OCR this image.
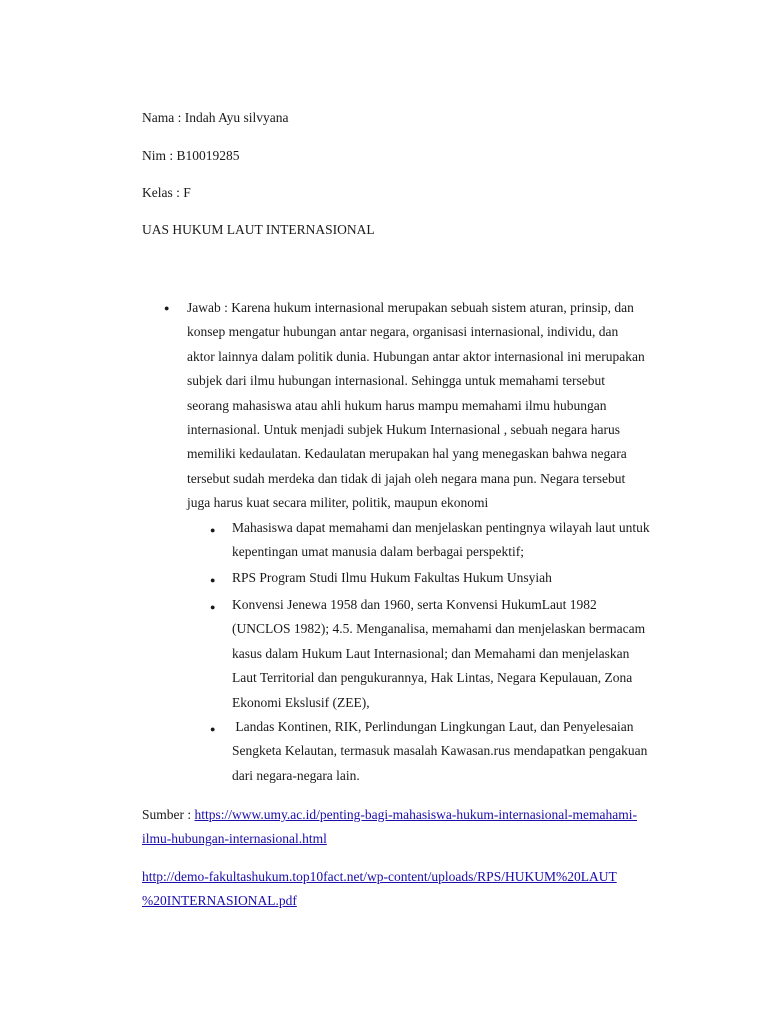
Nama : Indah Ayu silvyana
Nim : B10019285
Kelas : F
UAS HUKUM LAUT INTERNASIONAL
● Jawab : Karena hukum internasional merupakan sebuah sistem aturan, prinsip, dan
konsep mengatur hubungan antar negara, organisasi internasional, individu, dan
aktor lainnya dalam politik dunia. Hubungan antar aktor internasional ini merupakan
subjek dari ilmu hubungan internasional. Sehingga untuk memahami tersebut
seorang mahasiswa atau ahli hukum harus mampu memahami ilmu hubungan
internasional. Untuk menjadi subjek Hukum Internasional , sebuah negara harus
memiliki kedaulatan. Kedaulatan merupakan hal yang menegaskan bahwa negara
tersebut sudah merdeka dan tidak di jajah oleh negara mana pun. Negara tersebut
juga harus kuat secara militer, politik, maupun ekonomi
● Mahasiswa dapat memahami dan menjelaskan pentingnya wilayah laut untuk
kepentingan umat manusia dalam berbagai perspektif;
● RPS Program Studi Ilmu Hukum Fakultas Hukum Unsyiah
● Konvensi Jenewa 1958 dan 1960, serta Konvensi HukumLaut 1982
(UNCLOS 1982); 4.5. Menganalisa, memahami dan menjelaskan bermacam
kasus dalam Hukum Laut Internasional; dan Memahami dan menjelaskan
Laut Territorial dan pengukurannya, Hak Lintas, Negara Kepulauan, Zona
Ekonomi Ekslusif (ZEE),
● Landas Kontinen, RIK, Perlindungan Lingkungan Laut, dan Penyelesaian
Sengketa Kelautan, termasuk masalah Kawasan.rus mendapatkan pengakuan
dari negara-negara lain.
Sumber : https://www.umy.ac.id/penting-bagi-mahasiswa-hukum-internasional-memahami-
ilmu-hubungan-internasional.html
http://demo-fakultashukum.top10fact.net/wp-content/uploads/RPS/HUKUM%20LAUT
%20INTERNASIONAL.pdf
